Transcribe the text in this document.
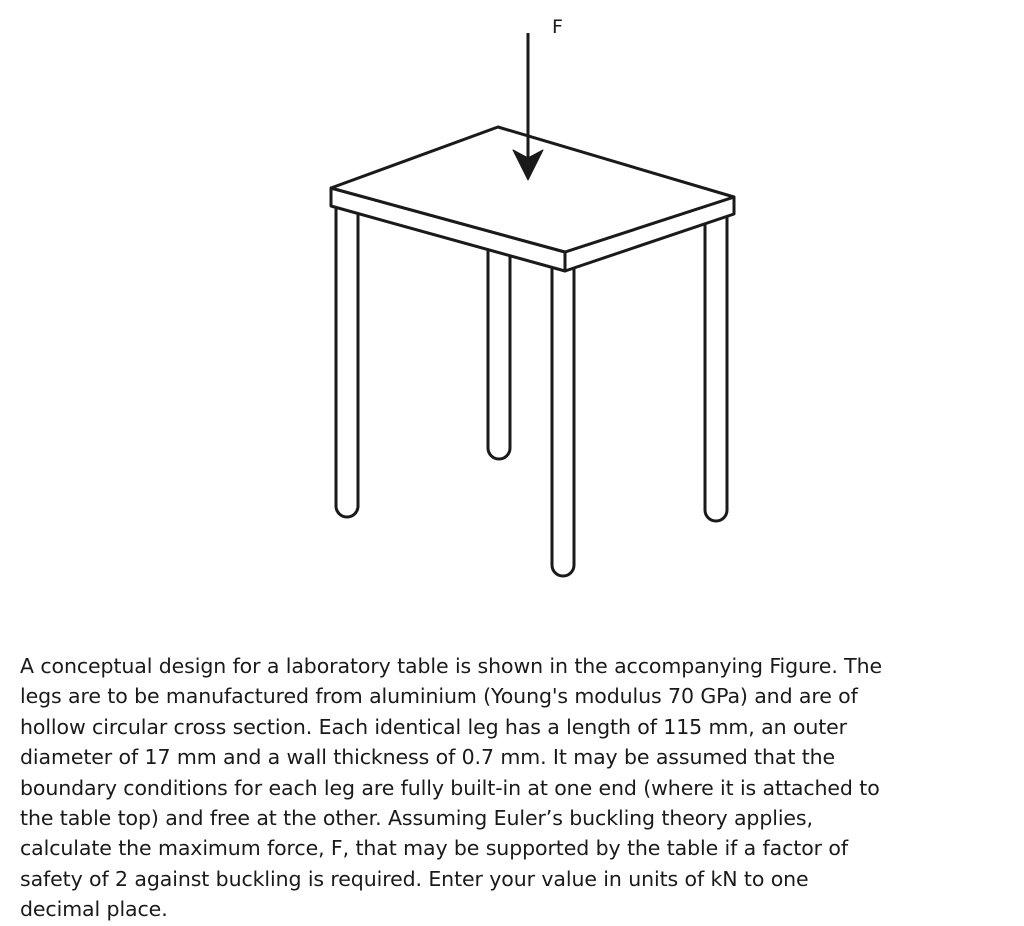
F

A conceptual design for a laboratory table is shown in the accompanying Figure. The

legs are to be manufactured from aluminium (Young's modulus 70 GPa) and are of

hollow circular cross section. Each identical leg has a length of 115 mm, an outer

diameter of 17 mm and a wall thickness of 0.7 mm. It may be assumed that the

boundary conditions for each leg are fully built-in at one end (where it is attached to

the table top) and free at the other. Assuming Euler’s buckling theory applies,

calculate the maximum force, F, that may be supported by the table if a factor of

safety of 2 against buckling is required. Enter your value in units of kN to one

decimal place.
